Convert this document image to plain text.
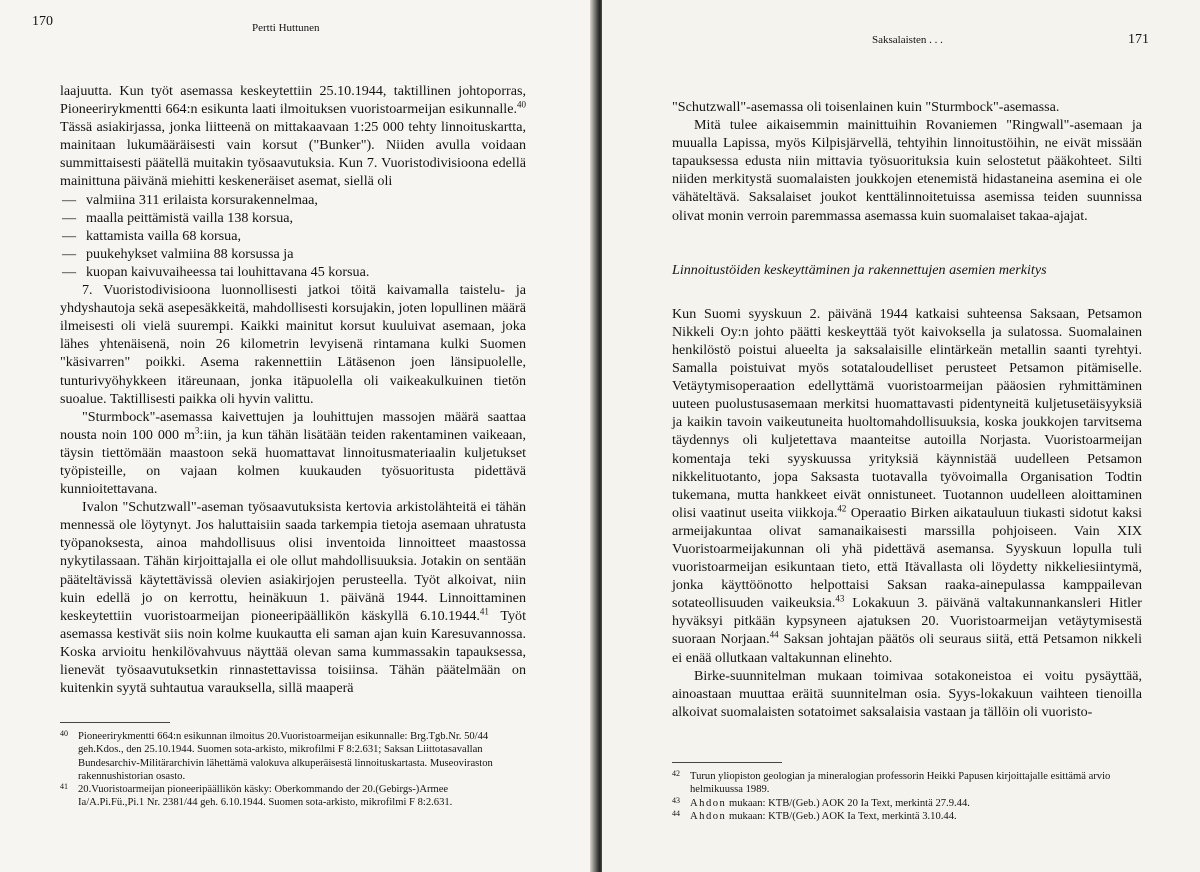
170	Pertti Huttunen

laajuutta. Kun työt asemassa keskeytettiin 25.10.1944, taktillinen johtoporras, Pioneerirykmentti 664:n esikunta laati ilmoituksen vuoristoarmeijan esikunnalle.$^{40}$ Tässä asiakirjassa, jonka liitteenä on mittakaavaan 1:25 000 tehty linnoituskartta, mainitaan lukumääräisesti vain korsut ("Bunker"). Niiden avulla voidaan summittaisesti päätellä muitakin työsaavutuksia. Kun 7. Vuoristodivisioona edellä mainittuna päivänä miehitti keskeneräiset asemat, siellä oli

— valmiina 311 erilaista korsurakennelmaa,
— maalla peittämistä vailla 138 korsua,
— kattamista vailla 68 korsua,
— puukehykset valmiina 88 korsussa ja
— kuopan kaivuvaiheessa tai louhittavana 45 korsua.

7. Vuoristodivisioona luonnollisesti jatkoi töitä kaivamalla taistelu- ja yhdyshautoja sekä asepesäkkeitä, mahdollisesti korsujakin, joten lopullinen määrä ilmeisesti oli vielä suurempi. Kaikki mainitut korsut kuuluivat asemaan, joka lähes yhtenäisenä, noin 26 kilometrin levyisenä rintamana kulki Suomen "käsivarren" poikki. Asema rakennettiin Lätäsenon joen länsipuolelle, tunturivyöhykkeen itäreunaan, jonka itäpuolella oli vaikeakulkuinen tietön suoalue. Taktillisesti paikka oli hyvin valittu.

"Sturmbock"-asemassa kaivettujen ja louhittujen massojen määrä saattaa nousta noin 100 000 $m^3:iin$, ja kun tähän lisätään teiden rakentaminen vaikeaan, täysin tiettömään maastoon sekä huomattavat linnoitusmateriaalin kuljetukset työpisteille, on vajaan kolmen kuukauden työsuoritusta pidettävä kunnioitettavana.

Ivalon "Schutzwall"-aseman työsaavutuksista kertovia arkistolähteitä ei tähän mennessä ole löytynyt. Jos haluttaisiin saada tarkempia tietoja asemaan uhratusta työpanoksesta, ainoa mahdollisuus olisi inventoida linnoitteet maastossa nykytilassaan. Tähän kirjoittajalla ei ole ollut mahdollisuuksia. Jotakin on sentään pääteltävissä käytettävissä olevien asiakirjojen perusteella. Työt alkoivat, niin kuin edellä jo on kerrottu, heinäkuun 1. päivänä 1944. Linnoittaminen keskeytettiin vuoristoarmeijan pioneeripäällikön käskyllä 6.10.1944.41 Työt asemassa kestivät siis noin kolme kuukautta eli saman ajan kuin Karesuvannossa. Koska arvioitu henkilövahvuus näyttää olevan sama kummassakin tapauksessa, lienevät työsaavutuksetkin rinnastettavissa toisiinsa. Tähän päätelmään on kuitenkin syytä suhtautua varauksella, sillä maaperä

40 Pioneerirykmentti 664:n esikunnan ilmoitus 20.Vuoristoarmeijan esikunnalle: Brg.Tgb.Nr. 50/44 geh.Kdos., den 25.10.1944. Suomen sota-arkisto, mikrofilmi F 8:2.631; Saksan Liittotasavallan Bundesarchiv-Militärarchivin lähettämä valokuva alkuperäisestä linnoituskartasta. Museoviraston rakennushistorian osasto.
41 20.Vuoristoarmeijan pioneeripäällikön käsky: Oberkommando der 20.(Gebirgs-)Armee Ia/A.Pi.Fü.,Pi.1 Nr. 2381/44 geh. 6.10.1944. Suomen sota-arkisto, mikrofilmi F 8:2.631.
Saksalaisten . . .	171

"Schutzwall"-asemassa oli toisenlainen kuin "Sturmbock"-asemassa.

Mitä tulee aikaisemmin mainittuihin Rovaniemen "Ringwall"-asemaan ja muualla Lapissa, myös Kilpisjärvellä, tehtyihin linnoitustöihin, ne eivät missään tapauksessa edusta niin mittavia työsuorituksia kuin selostetut pääkohteet. Silti niiden merkitystä suomalaisten joukkojen etenemistä hidastaneina asemina ei ole vähäteltävä. Saksalaiset joukot kenttälinnoitetuissa asemissa teiden suunnissa olivat monin verroin paremmassa asemassa kuin suomalaiset takaa-ajajat.

Linnoitustöiden keskeyttäminen ja rakennettujen asemien merkitys

Kun Suomi syyskuun 2. päivänä 1944 katkaisi suhteensa Saksaan, Petsamon Nikkeli Oy:n johto päätti keskeyttää työt kaivoksella ja sulatossa. Suomalainen henkilöstö poistui alueelta ja saksalaisille elintärkeän metallin saanti tyrehtyi. Samalla poistuivat myös sotataloudelliset perusteet Petsamon pitämiselle. Vetäytymisoperaation edellyttämä vuoristoarmeijan pääosien ryhmittäminen uuteen puolustusasemaan merkitsi huomattavasti pidentyneitä kuljetusetäisyyksiä ja kaikin tavoin vaikeutuneita huoltomahdollisuuksia, koska joukkojen tarvitsema täydennys oli kuljetettava maanteitse autoilla Norjasta. Vuoristoarmeijan komentaja teki syyskuussa yrityksiä käynnistää uudelleen Petsamon nikkelituotanto, jopa Saksasta tuotavalla työvoimalla Organisation Todtin tukemana, mutta hankkeet eivät onnistuneet. Tuotannon uudelleen aloittaminen olisi vaatinut useita viikkoja.$^{42}$ Operaatio Birken aikatauluun tiukasti sidotut kaksi armeijakuntaa olivat samanaikaisesti marssilla pohjoiseen. Vain XIX Vuoristoarmeijakunnan oli yhä pidettävä asemansa. Syyskuun lopulla tuli vuoristoarmeijan esikuntaan tieto, että Itävallasta oli löydetty nikkeliesiintymä, jonka käyttöönotto helpottaisi Saksan raaka-ainepulassa kamppailevan sotateollisuuden vaikeuksia.$^{43}$ Lokakuun 3. päivänä valtakunnankansleri Hitler hyväksyi pitkään kypsyneen ajatuksen 20. Vuoristoarmeijan vetäytymisestä suoraan Norjaan.$^{44}$ Saksan johtajan päätös oli seuraus siitä, että Petsamon nikkeli ei enää ollutkaan valtakunnan elinehto.

Birke-suunnitelman mukaan toimivaa sotakoneistoa ei voitu pysäyttää, ainoastaan muuttaa eräitä suunnitelman osia. Syys-lokakuun vaihteen tienoilla alkoivat suomalaisten sotatoimet saksalaisia vastaan ja tällöin oli vuoristo-

42 Turun yliopiston geologian ja mineralogian professorin Heikki Papusen kirjoittajalle esittämä arvio helmikuussa 1989.
43 Ahdon mukaan: KTB/(Geb.) AOK 20 Ia Text, merkintä 27.9.44.
44 Ahdon mukaan: KTB/(Geb.) AOK Ia Text, merkintä 3.10.44.
